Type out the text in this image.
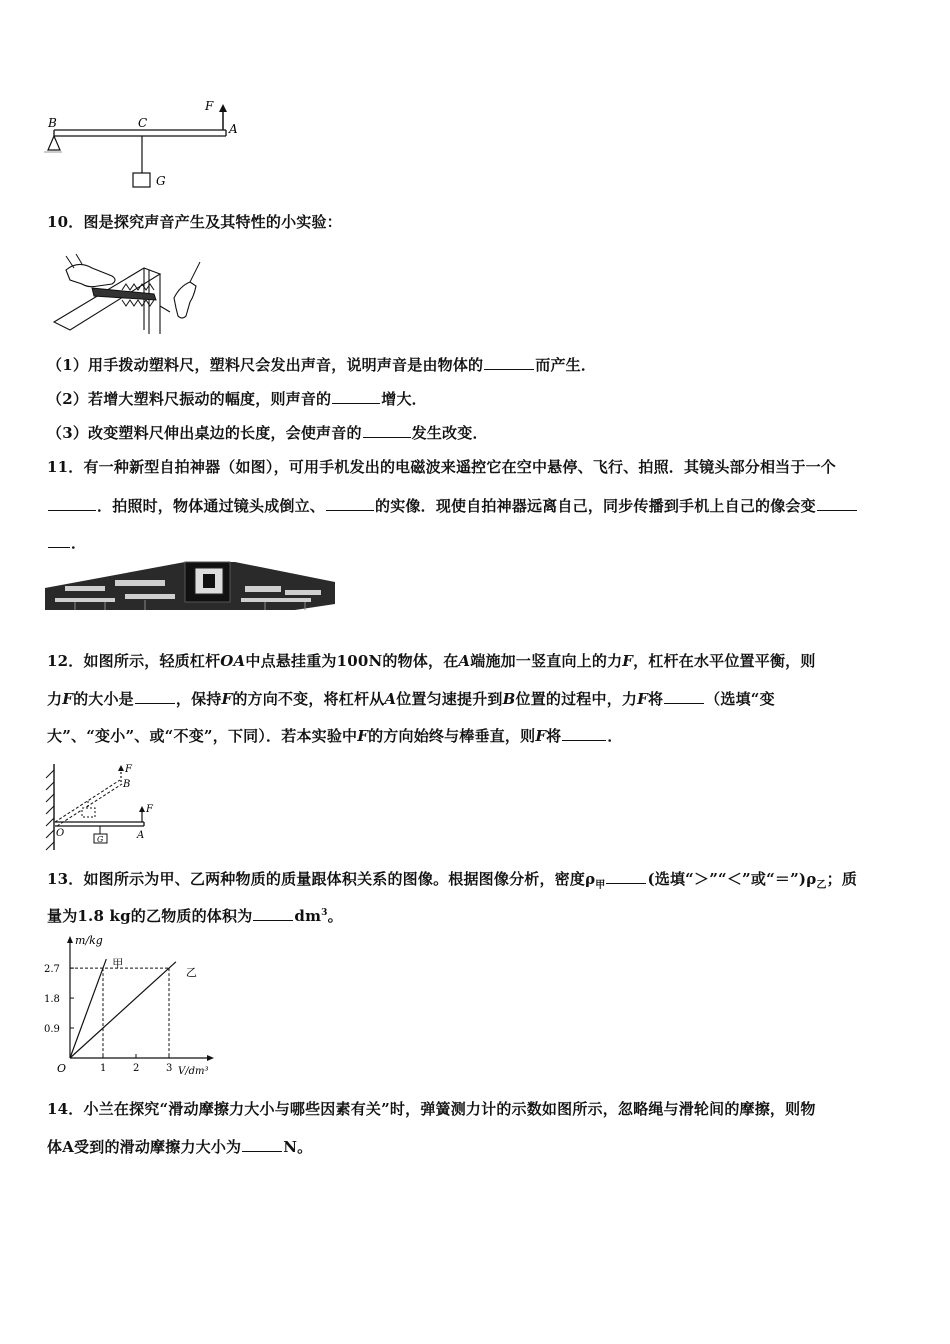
B	C
F
A
G
10．图是探究声音产生及其特性的小实验：
（1）用手拨动塑料尺，塑料尺会发出声音，说明声音是由物体的	而产生．
（2）若增大塑料尺振动的幅度，则声音的	增大．
（3）改变塑料尺伸出桌边的长度，会使声音的	发生改变．
11．有一种新型自拍神器（如图），可用手机发出的电磁波来遥控它在空中悬停、飞行、拍照．其镜头部分相当于一个
．拍照时，物体通过镜头成倒立、	的实像．现使自拍神器远离自己，同步传播到手机上自己的像会变
．
12．如图所示，轻质杠杆OA中点悬挂重为100N的物体，在A端施加一竖直向上的力F，杠杆在水平位置平衡，则
力F的大小是	，保持F的方向不变，将杠杆从A位置匀速提升到B位置的过程中，力F将	（选填“变
大”、“变小”、或“不变”，下同）．若本实验中F的方向始终与棒垂直，则F将	．
O	A
B
F
F
G
13．如图所示为甲、乙两种物质的质量跟体积关系的图像。根据图像分析，密度$\rho_甲$	(选填“＞”“＜”或“$=”)\rho_乙$；质
量为1.8 kg的乙物质的体积为	$dm^3$。
m/kg
V/dm³
O	1	2	3
0.9
1.8
2.7	甲
乙
14．小兰在探究“滑动摩擦力大小与哪些因素有关”时，弹簧测力计的示数如图所示，忽略绳与滑轮间的摩擦，则物
体A受到的滑动摩擦力大小为	N。
